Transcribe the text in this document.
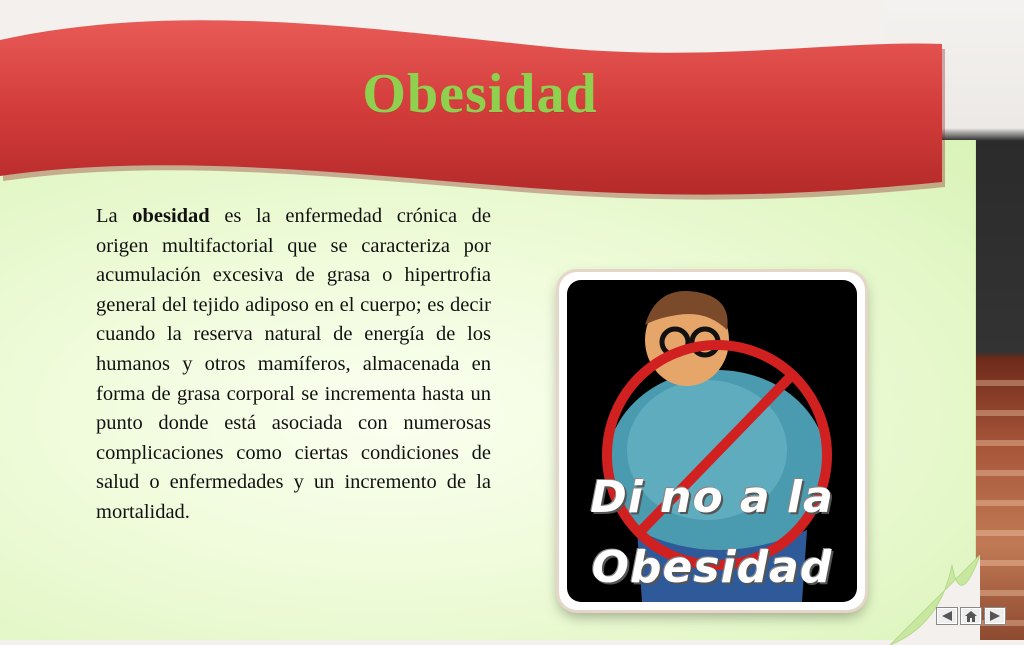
Obesidad
La obesidad es la enfermedad crónica de origen multifactorial que se caracteriza por acumulación excesiva de grasa o hipertrofia general del tejido adiposo en el cuerpo; es decir cuando la reserva natural de energía de los humanos y otros mamíferos, almacenada en forma de grasa corporal se incrementa hasta un punto donde está asociada con numerosas complicaciones como ciertas condiciones de salud o enfermedades y un incremento de la mortalidad.	Di no a la
Obesidad
